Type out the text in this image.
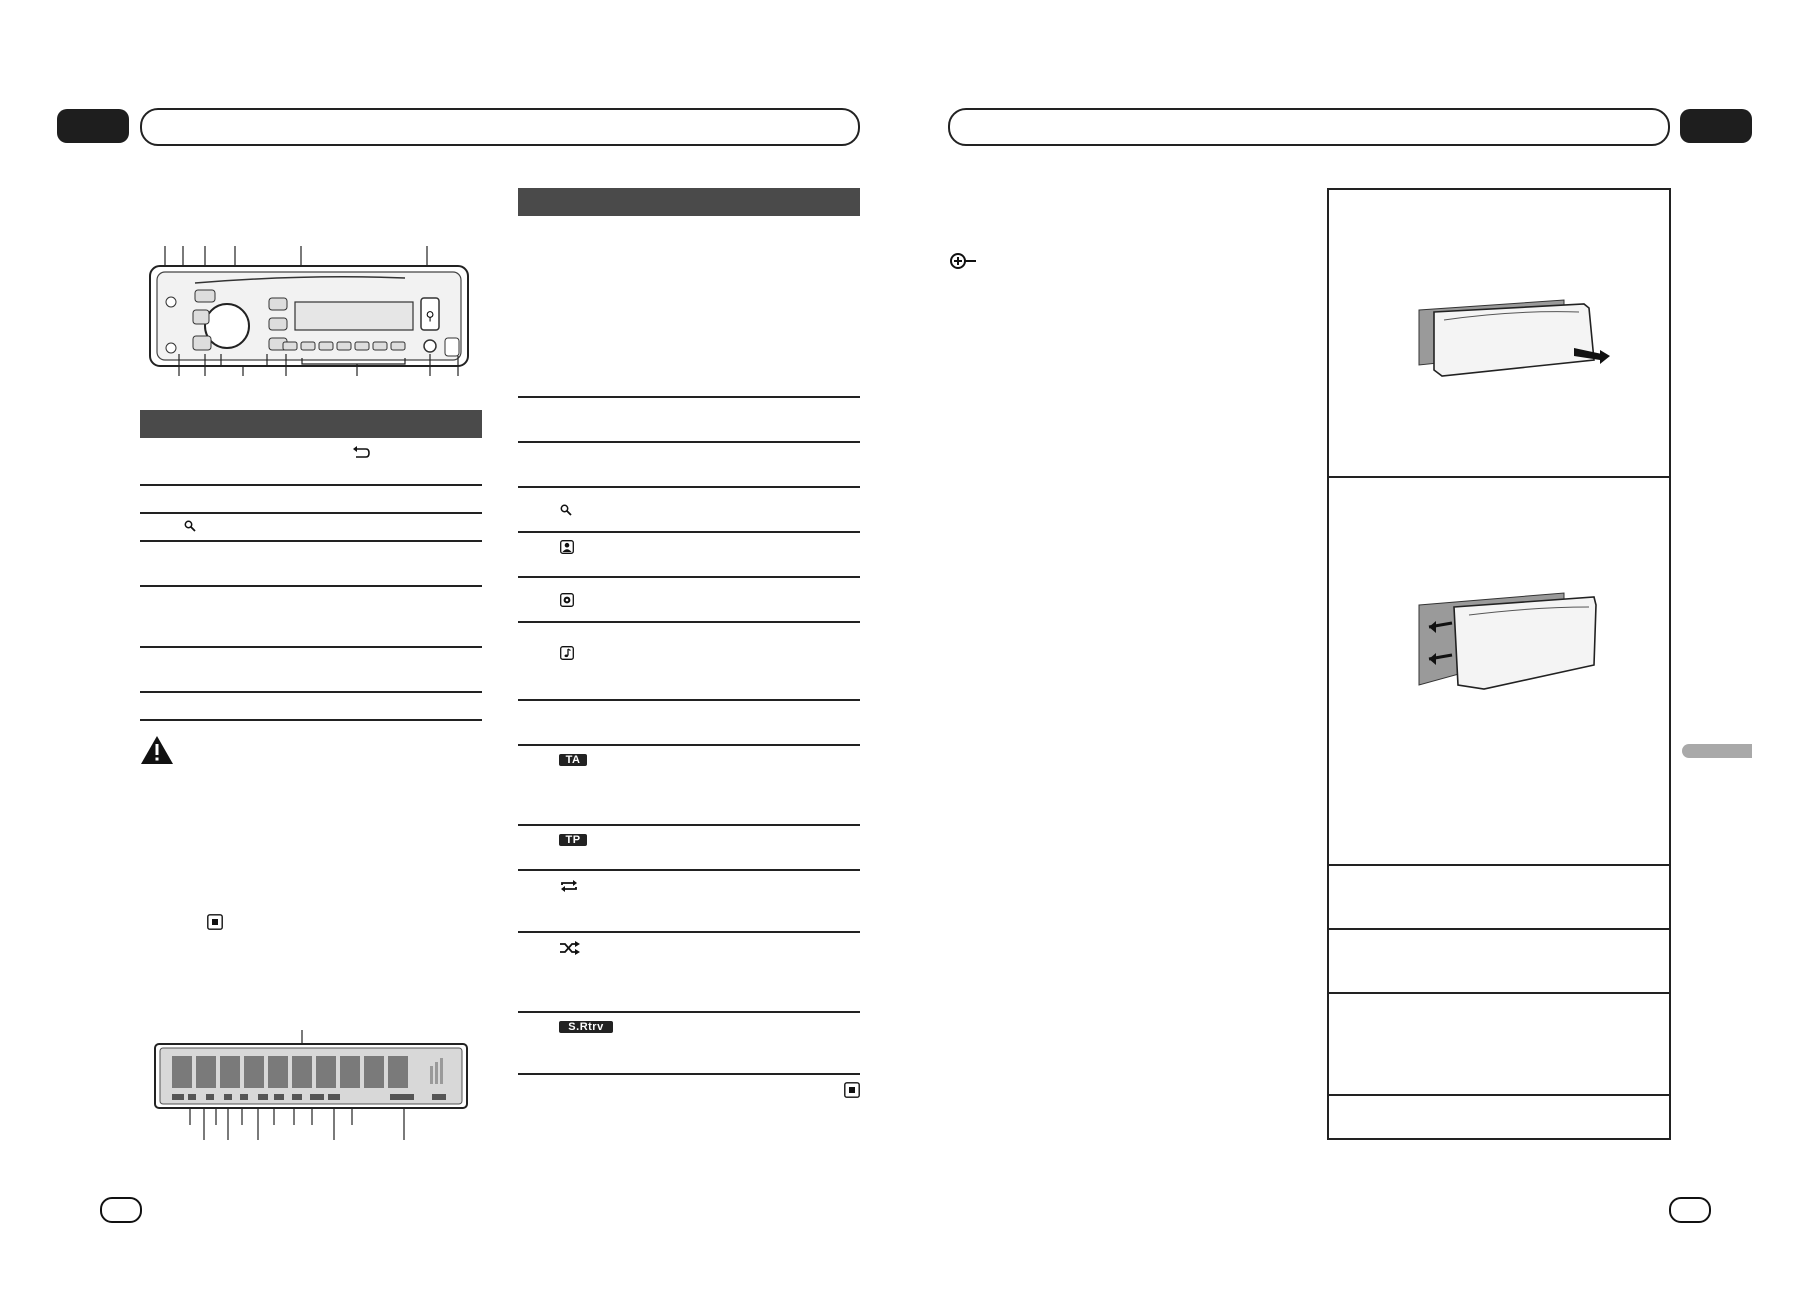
⚲
TA
TP
S.Rtrv
